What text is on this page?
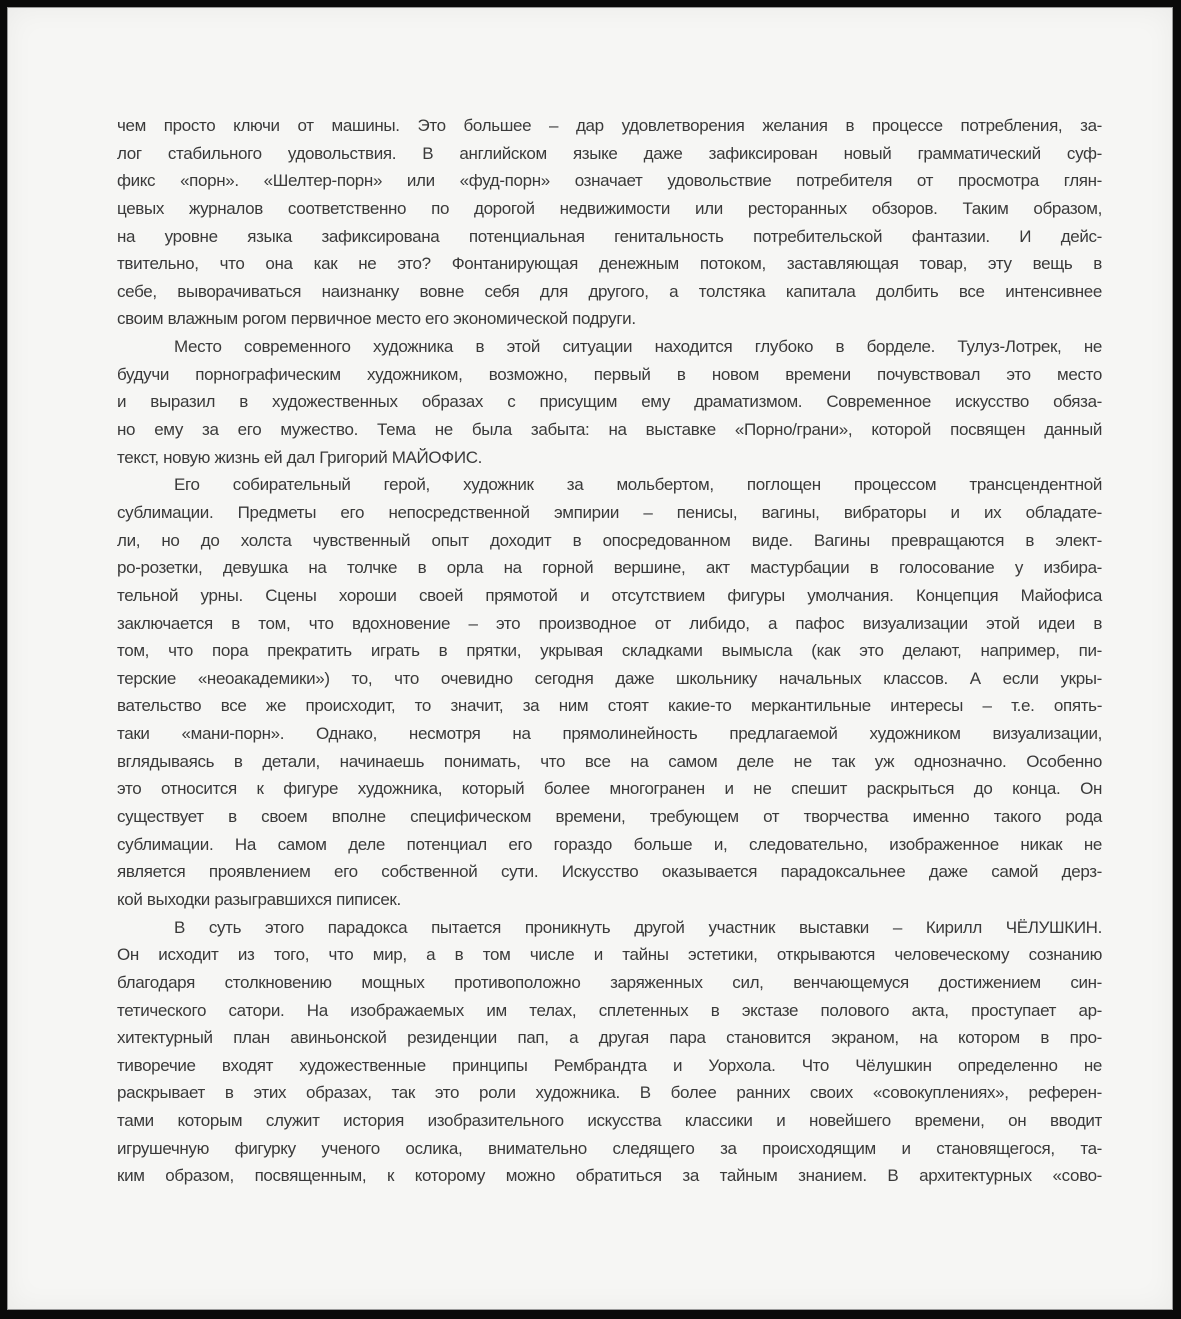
чем просто ключи от машины. Это большее – дар удовлетворения желания в процессе потребления, за-
лог стабильного удовольствия. В английском языке даже зафиксирован новый грамматический суф-
фикс «порн». «Шелтер-порн» или «фуд-порн» означает удовольствие потребителя от просмотра глян-
цевых журналов соответственно по дорогой недвижимости или ресторанных обзоров. Таким образом,
на уровне языка зафиксирована потенциальная генитальность потребительской фантазии. И дейс-
твительно, что она как не это? Фонтанирующая денежным потоком, заставляющая товар, эту вещь в
себе, выворачиваться наизнанку вовне себя для другого, а толстяка капитала долбить все интенсивнее
своим влажным рогом первичное место его экономической подруги.
Место современного художника в этой ситуации находится глубоко в борделе. Тулуз-Лотрек, не
будучи порнографическим художником, возможно, первый в новом времени почувствовал это место
и выразил в художественных образах с присущим ему драматизмом. Современное искусство обяза-
но ему за его мужество. Тема не была забыта: на выставке «Порно/грани», которой посвящен данный
текст, новую жизнь ей дал Григорий МАЙОФИС.
Его собирательный герой, художник за мольбертом, поглощен процессом трансцендентной
сублимации. Предметы его непосредственной эмпирии – пенисы, вагины, вибраторы и их обладате-
ли, но до холста чувственный опыт доходит в опосредованном виде. Вагины превращаются в элект-
ро-розетки, девушка на толчке в орла на горной вершине, акт мастурбации в голосование у избира-
тельной урны. Сцены хороши своей прямотой и отсутствием фигуры умолчания. Концепция Майофиса
заключается в том, что вдохновение – это производное от либидо, а пафос визуализации этой идеи в
том, что пора прекратить играть в прятки, укрывая складками вымысла (как это делают, например, пи-
терские «неоакадемики») то, что очевидно сегодня даже школьнику начальных классов. А если укры-
вательство все же происходит, то значит, за ним стоят какие-то меркантильные интересы – т.е. опять-
таки «мани-порн». Однако, несмотря на прямолинейность предлагаемой художником визуализации,
вглядываясь в детали, начинаешь понимать, что все на самом деле не так уж однозначно. Особенно
это относится к фигуре художника, который более многогранен и не спешит раскрыться до конца. Он
существует в своем вполне специфическом времени, требующем от творчества именно такого рода
сублимации. На самом деле потенциал его гораздо больше и, следовательно, изображенное никак не
является проявлением его собственной сути. Искусство оказывается парадоксальнее даже самой дерз-
кой выходки разыгравшихся пиписек.
В суть этого парадокса пытается проникнуть другой участник выставки – Кирилл ЧЁЛУШКИН.
Он исходит из того, что мир, а в том числе и тайны эстетики, открываются человеческому сознанию
благодаря столкновению мощных противоположно заряженных сил, венчающемуся достижением син-
тетического сатори. На изображаемых им телах, сплетенных в экстазе полового акта, проступает ар-
хитектурный план авиньонской резиденции пап, а другая пара становится экраном, на котором в про-
тиворечие входят художественные принципы Рембрандта и Уорхола. Что Чёлушкин определенно не
раскрывает в этих образах, так это роли художника. В более ранних своих «совокуплениях», референ-
тами которым служит история изобразительного искусства классики и новейшего времени, он вводит
игрушечную фигурку ученого ослика, внимательно следящего за происходящим и становящегося, та-
ким образом, посвященным, к которому можно обратиться за тайным знанием. В архитектурных «сово-
